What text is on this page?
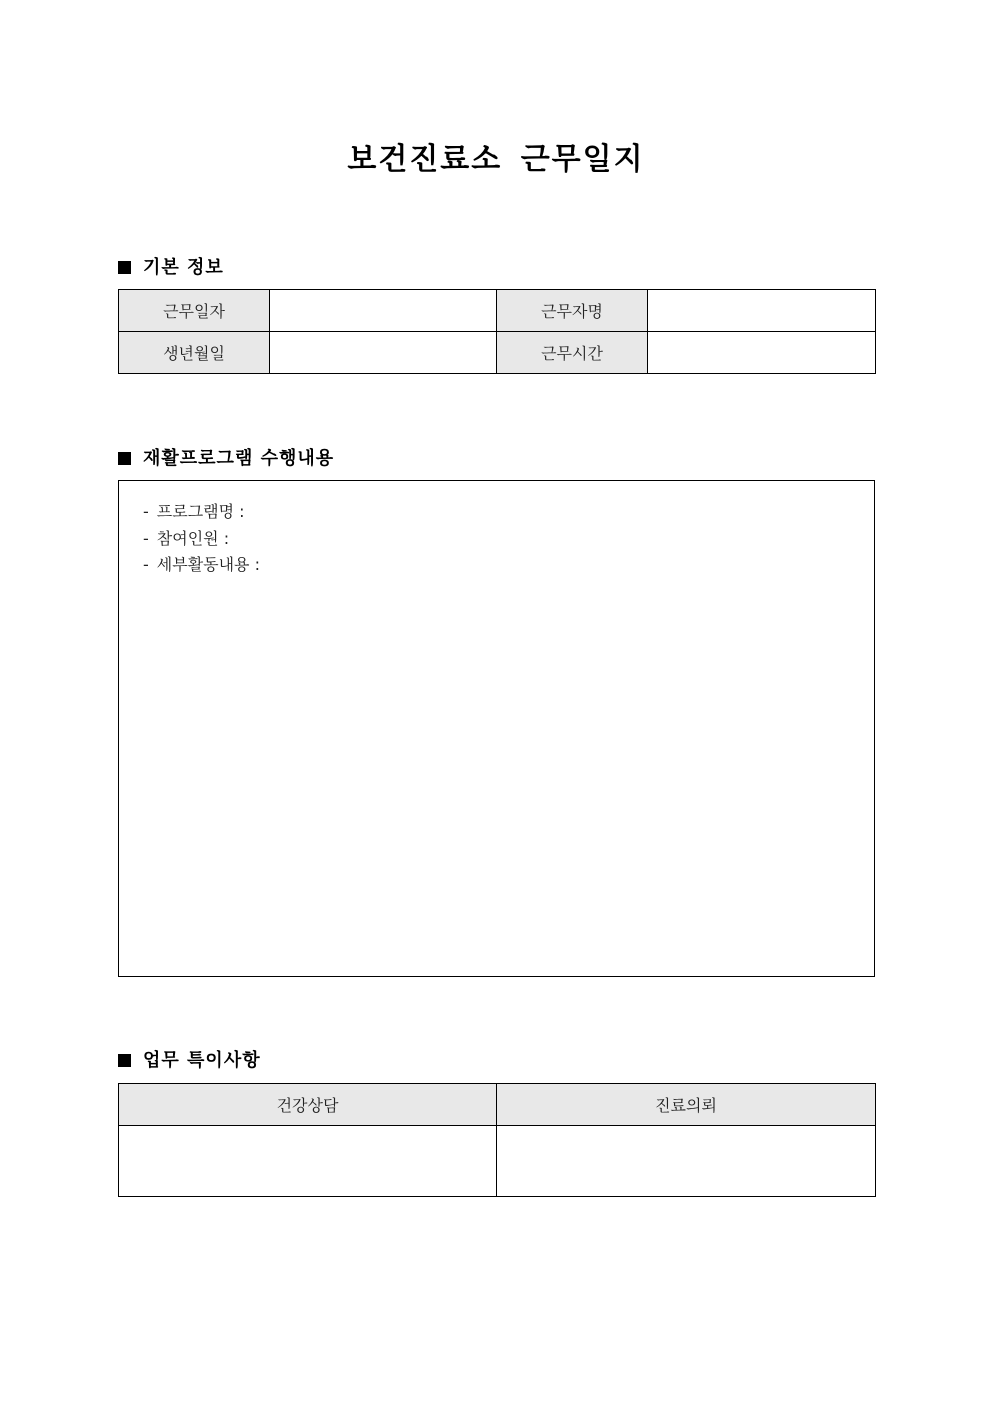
보건진료소 근무일지
기본 정보
근무일자		근무자명	
생년월일		근무시간	
재활프로그램 수행내용
- 프로그램명 :
- 참여인원 :
- 세부활동내용 :
업무 특이사항
건강상담	진료의뢰
